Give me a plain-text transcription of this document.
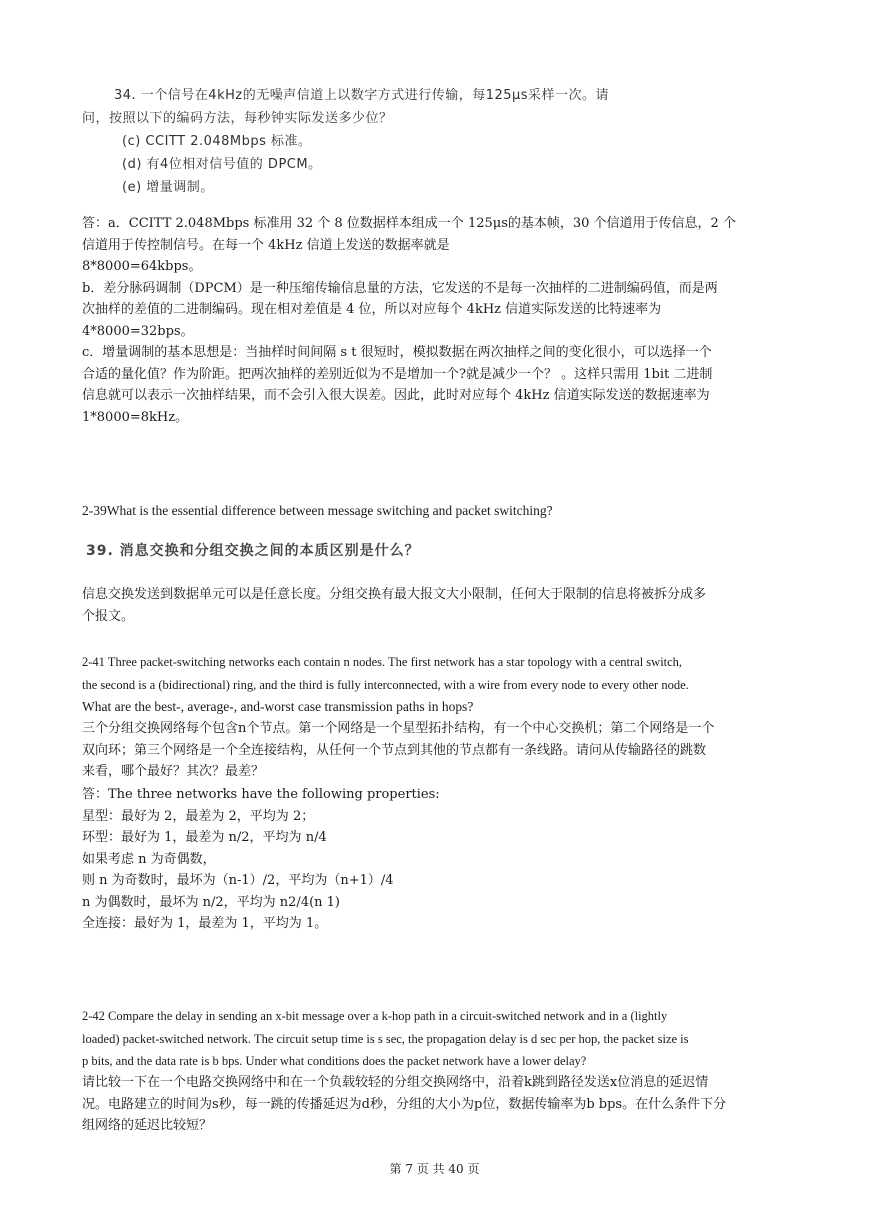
34. 一个信号在4kHz的无噪声信道上以数字方式进行传输，每125μs采样一次。请
问，按照以下的编码方法，每秒钟实际发送多少位？
(c) CCITT 2.048Mbps 标准。
(d) 有4位相对信号值的 DPCM。
(e) 增量调制。
答：a．CCITT 2.048Mbps 标准用 32 个 8 位数据样本组成一个 125μs的基本帧，30 个信道用于传信息，2 个
信道用于传控制信号。在每一个 4kHz 信道上发送的数据率就是
8*8000=64kbps。
b．差分脉码调制（DPCM）是一种压缩传输信息量的方法，它发送的不是每一次抽样的二进制编码值，而是两
次抽样的差值的二进制编码。现在相对差值是 4 位，所以对应每个 4kHz 信道实际发送的比特速率为
4*8000=32bps。
c．增量调制的基本思想是：当抽样时间间隔 s t 很短时，模拟数据在两次抽样之间的变化很小，可以选择一个
合适的量化值？作为阶距。把两次抽样的差别近似为不是增加一个?就是减少一个？ 。这样只需用 1bit 二进制
信息就可以表示一次抽样结果，而不会引入很大误差。因此，此时对应每个 4kHz 信道实际发送的数据速率为
1*8000=8kHz。
2-39What is the essential difference between message switching and packet switching?
39. 消息交换和分组交换之间的本质区别是什么？
信息交换发送到数据单元可以是任意长度。分组交换有最大报文大小限制，任何大于限制的信息将被拆分成多
个报文。
2-41 Three packet-switching networks each contain n nodes. The first network has a star topology with a central switch,
the second is a (bidirectional) ring, and the third is fully interconnected, with a wire from every node to every other node.
What are the best-, average-, and-worst case transmission paths in hops?
三个分组交换网络每个包含n个节点。第一个网络是一个星型拓扑结构，有一个中心交换机；第二个网络是一个
双向环；第三个网络是一个全连接结构，从任何一个节点到其他的节点都有一条线路。请问从传输路径的跳数
来看，哪个最好？其次？最差？
答：The three networks have the following properties:
星型：最好为 2，最差为 2，平均为 2；
环型：最好为 1，最差为 n/2，平均为 n/4
如果考虑 n 为奇偶数，
则 n 为奇数时，最坏为（n-1）/2，平均为（n+1）/4
n 为偶数时，最坏为 n/2，平均为 n2/4(n 1)
全连接：最好为 1，最差为 1，平均为 1。
2-42 Compare the delay in sending an x-bit message over a k-hop path in a circuit-switched network and in a (lightly
loaded) packet-switched network. The circuit setup time is s sec, the propagation delay is d sec per hop, the packet size is
p bits, and the data rate is b bps. Under what conditions does the packet network have a lower delay?
请比较一下在一个电路交换网络中和在一个负载较轻的分组交换网络中，沿着k跳到路径发送x位消息的延迟情
况。电路建立的时间为s秒，每一跳的传播延迟为d秒，分组的大小为p位，数据传输率为b bps。在什么条件下分
组网络的延迟比较短？
第 7 页 共 40 页
